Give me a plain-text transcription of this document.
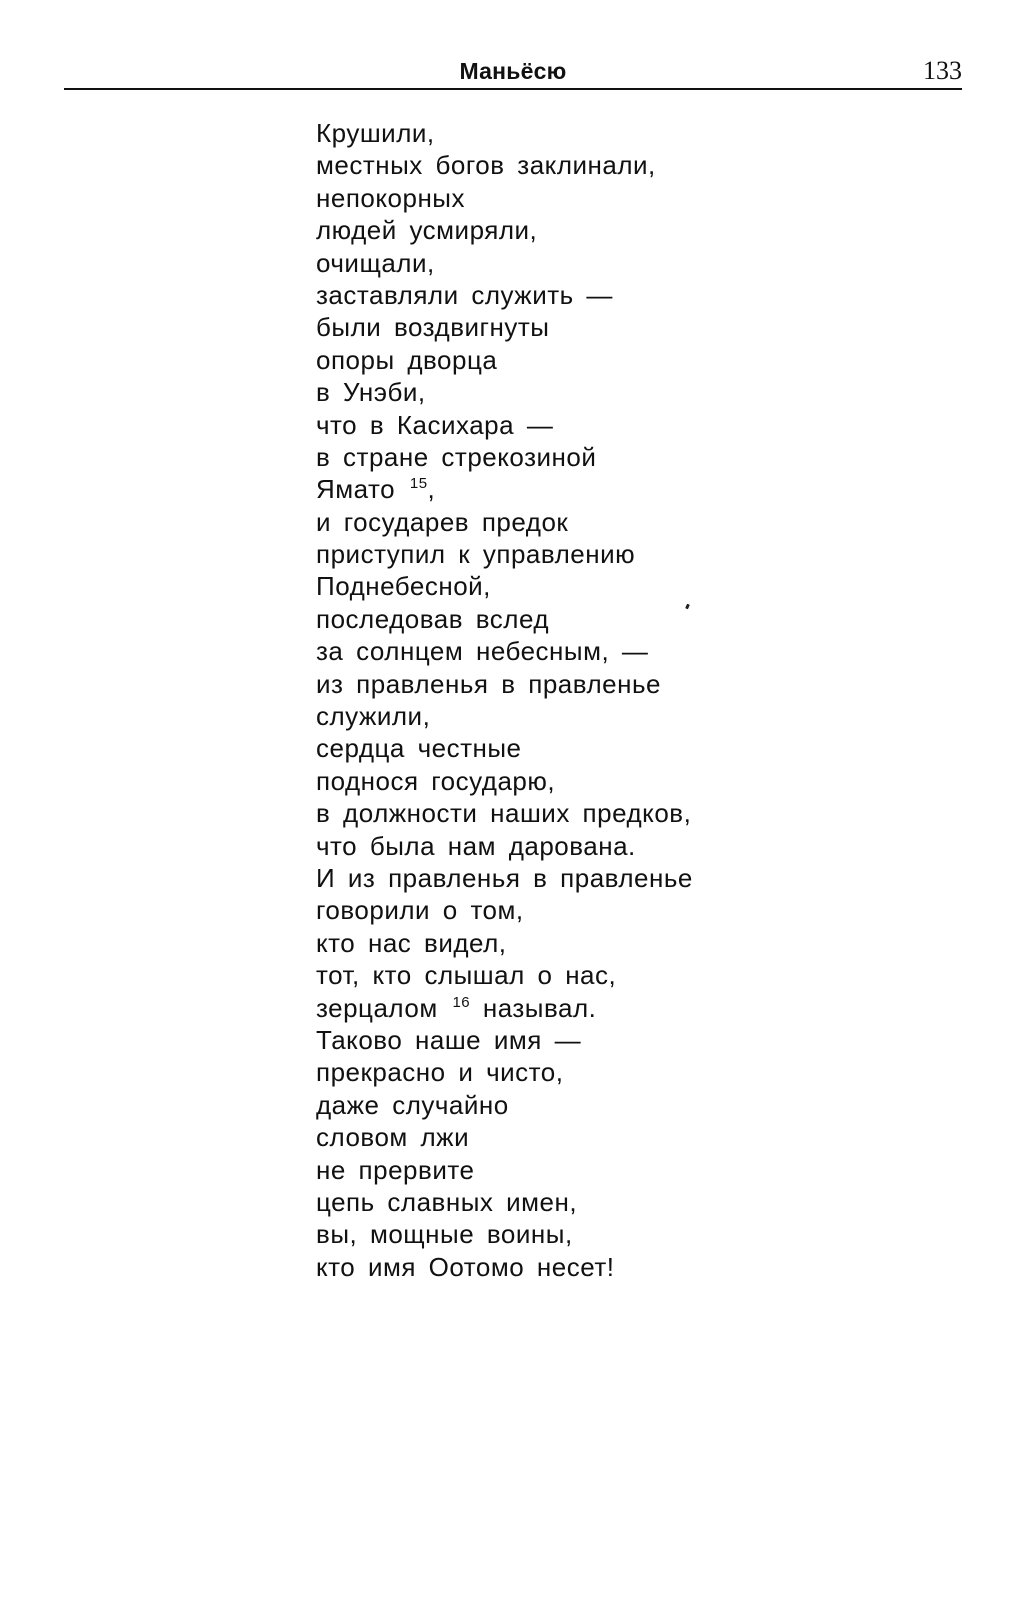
Маньёсю	133
Крушили,
местных богов заклинали,
непокорных
людей усмиряли,
очищали,
заставляли служить —
были воздвигнуты
опоры дворца
в Унэби,
что в Касихара —
в стране стрекозиной
Ямато $^{15}$,
и государев предок
приступил к управлению
Поднебесной,
последовав вслед
за солнцем небесным, —
из правленья в правленье
служили,
сердца честные
поднося государю,
в должности наших предков,
что была нам дарована.
И из правленья в правленье
говорили о том,
кто нас видел,
тот, кто слышал о нас,
зерцалом $^{16}$ называл.
Таково наше имя —
прекрасно и чисто,
даже случайно
словом лжи
не прервите
цепь славных имен,
вы, мощные воины,
кто имя Оотомо несет!
